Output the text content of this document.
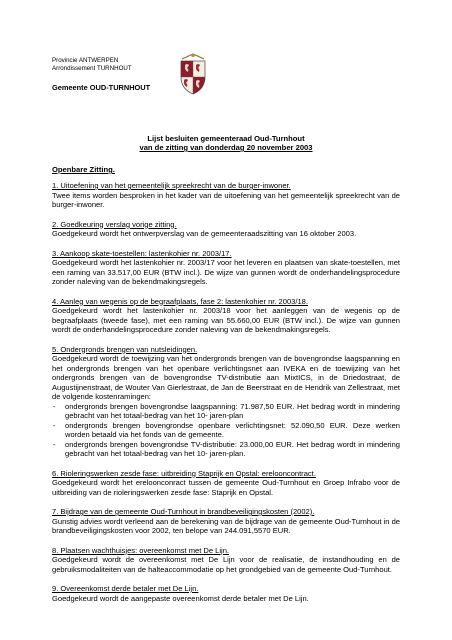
Provincie ANTWERPEN
Arrondissement TURNHOUT
Gemeente OUD-TURNHOUT
Lijst besluiten gemeenteraad Oud-Turnhout
van de zitting van donderdag 20 november 2003
Openbare Zitting.

1. Uitoefening van het gemeentelijk spreekrecht van de burger-inwoner.

Twee items worden besproken in het kader van de uitoefening van het gemeentelijk spreekrecht van de burger-inwoner.

2. Goedkeuring verslag vorige zitting.

Goedgekeurd wordt het ontwerpverslag van de gemeenteraadszitting van 16 oktober 2003.

3. Aankoop skate-toestellen: lastenkohier nr. 2003/17.

Goedgekeurd wordt het lastenkohier nr. 2003/17 voor het leveren en plaatsen van skate-toestellen, met een raming van 33.517,00 EUR (BTW incl.). De wijze van gunnen wordt de onderhandelingsprocedure zonder naleving van de bekendmakingsregels.

4. Aanleg van wegenis op de begraafplaats, fase 2: lastenkohier nr. 2003/18.

Goedgekeurd wordt het lastenkohier nr. 2003/18 voor het aanleggen van de wegenis op de begraafplaats (tweede fase), met een raming van 55.660,00 EUR (BTW incl.). De wijze van gunnen wordt de onderhandelingsprocedure zonder naleving van de bekendmakingsregels.

5. Ondergronds brengen van nutsleidingen.

Goedgekeurd wordt de toewijzing van het ondergronds brengen van de bovengrondse laagspanning en het ondergronds brengen van het openbare verlichtingsnet aan IVEKA en de toewijzing van het ondergronds brengen van de bovengrondse TV-distributie aan MixtICS, in de Driedostraat, de Augustijnenstraat, de Wouter Van Gierlestraat, de Jan de Beerstraat en de Hendrik van Zellestraat, met de volgende kostenramingen:

- ondergronds brengen bovengrondse laagspanning: 71.987,50 EUR. Het bedrag wordt in mindering gebracht van het totaal-bedrag van het 10- jaren-plan
- ondergronds brengen bovengrondse openbare verlichtingsnet: 52.090,50 EUR. Deze werken worden betaald via het fonds van de gemeente.
- ondergronds brengen bovengrondse TV-distributie: 23.000,00 EUR. Het bedrag wordt in mindering gebracht van het totaal-bedrag van het 10- jaren-plan.

6. Rioleringswerken zesde fase: uitbreiding Staprijk en Opstal: erelooncontract.

Goedgekeurd wordt het ereloonconract tussen de gemeente Oud-Turnhout en Groep Infrabo voor de uitbreiding van de rioleringswerken zesde fase: Staprijk en Opstal.

7. Bijdrage van de gemeente Oud-Turnhout in brandbeveiligingskosten (2002).

Gunstig advies wordt verleend aan de berekening van de bijdrage van de gemeente Oud-Turnhout in de brandbeveiligingskosten voor 2002, ten belope van 244.091,5570 EUR.

8. Plaatsen wachthuisjes: overeenkomst met De Lijn.

Goedgekeurd wordt de overeenkomst met De Lijn voor de realisatie, de instandhouding en de gebruiksmodaliteiten van de halteaccommodatie op het grondgebied van de gemeente Oud-Turnhout.

9. Overeenkomst derde betaler met De Lijn.

Goedgekeurd wordt de aangepaste overeenkomst derde betaler met De Lijn.
